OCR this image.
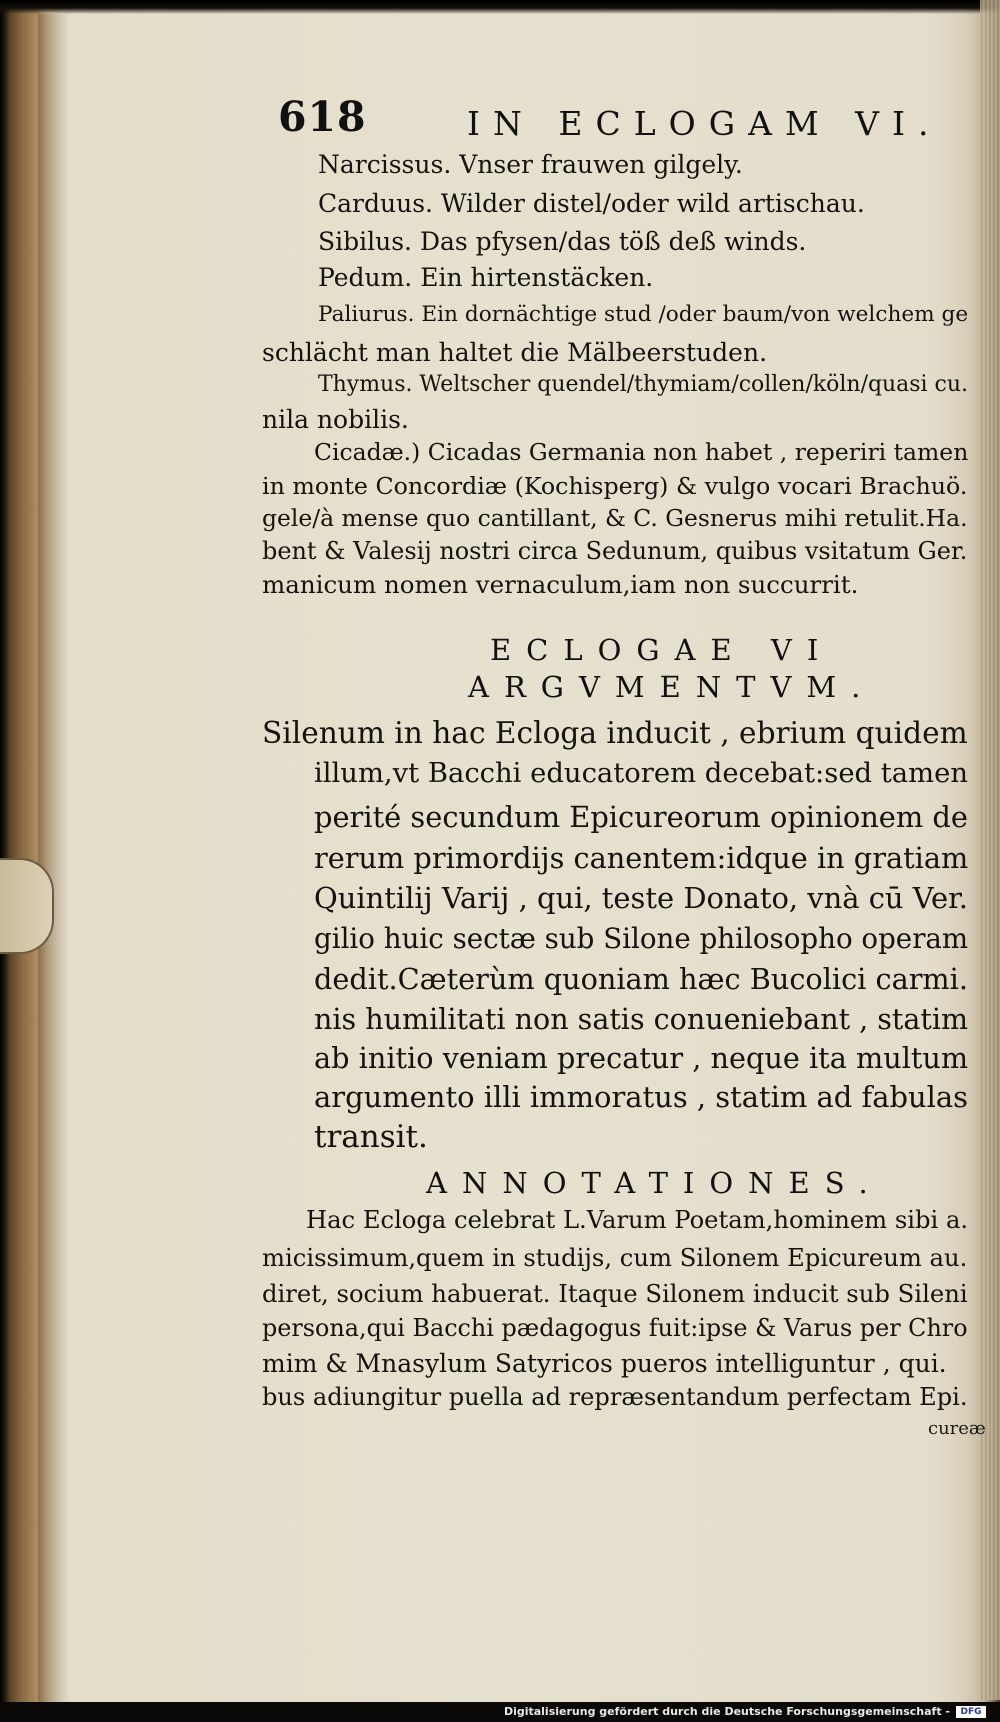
618	IN ECLOGAM VI.
Narcissus. Vnser frauwen gilgely.
Carduus. Wilder distel/oder wild artischau.
Sibilus. Das pfysen/das töß deß winds.
Pedum. Ein hirtenstäcken.
Paliurus. Ein dornächtige stud /oder baum/von welchem ge
schlächt man haltet die Mälbeerstuden.
Thymus. Weltscher quendel/thymiam/collen/köln/quasi cu.
nila nobilis.
Cicadæ.) Cicadas Germania non habet , reperiri tamen
in monte Concordiæ (Kochisperg) & vulgo vocari Brachuö.
gele/à mense quo cantillant, & C. Gesnerus mihi retulit.Ha.
bent & Valesij nostri circa Sedunum, quibus vsitatum Ger.
manicum nomen vernaculum,iam non succurrit.
ECLOGAE VI
ARGVMENTVM.
Silenum in hac Ecloga inducit , ebrium quidem
illum,vt Bacchi educatorem decebat:sed tamen
perité secundum Epicureorum opinionem de
rerum primordijs canentem:idque in gratiam
Quintilij Varij , qui, teste Donato, vnà cū Ver.
gilio huic sectæ sub Silone philosopho operam
dedit.Cæterùm quoniam hæc Bucolici carmi.
nis humilitati non satis conueniebant , statim
ab initio veniam precatur , neque ita multum
argumento illi immoratus , statim ad fabulas
transit.
ANNOTATIONES.
Hac Ecloga celebrat L.Varum Poetam,hominem sibi a.
micissimum,quem in studijs, cum Silonem Epicureum au.
diret, socium habuerat. Itaque Silonem inducit sub Sileni
persona,qui Bacchi pædagogus fuit:ipse & Varus per Chro
mim & Mnasylum Satyricos pueros intelliguntur , qui.
bus adiungitur puella ad repræsentandum perfectam Epi.
cureæ
Digitalisierung gefördert durch die Deutsche Forschungsgemeinschaft -	DFG
